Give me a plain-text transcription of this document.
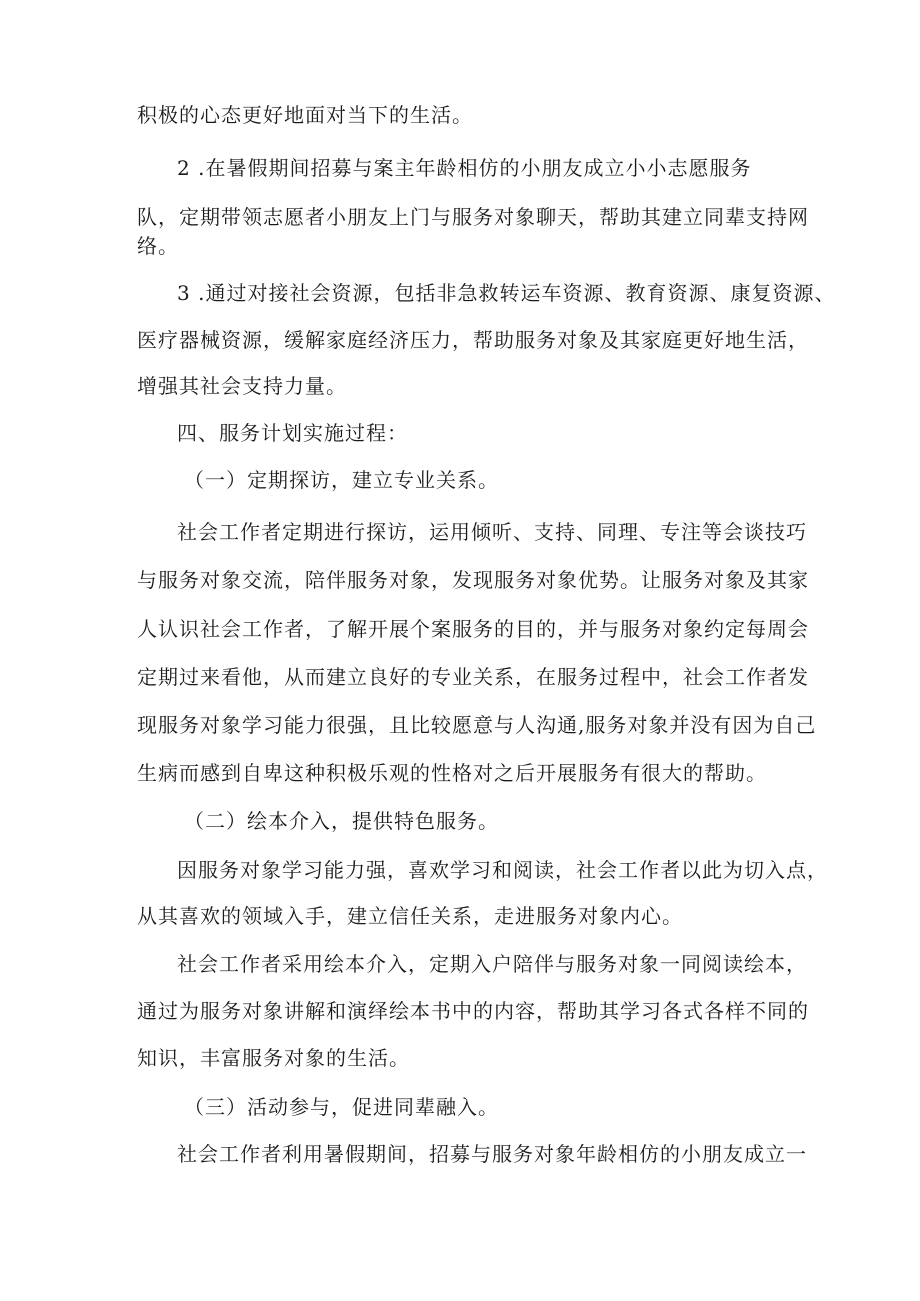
积极的心态更好地面对当下的生活。
2 .在暑假期间招募与案主年龄相仿的小朋友成立小小志愿服务
队，定期带领志愿者小朋友上门与服务对象聊天，帮助其建立同辈支持网
络。
3 .通过对接社会资源，包括非急救转运车资源、教育资源、康复资源、
医疗器械资源，缓解家庭经济压力，帮助服务对象及其家庭更好地生活，
增强其社会支持力量。
四、服务计划实施过程：
（一）定期探访，建立专业关系。
社会工作者定期进行探访，运用倾听、支持、同理、专注等会谈技巧
与服务对象交流，陪伴服务对象，发现服务对象优势。让服务对象及其家
人认识社会工作者，了解开展个案服务的目的，并与服务对象约定每周会
定期过来看他，从而建立良好的专业关系，在服务过程中，社会工作者发
现服务对象学习能力很强，且比较愿意与人沟通,服务对象并没有因为自己
生病而感到自卑这种积极乐观的性格对之后开展服务有很大的帮助。
（二）绘本介入，提供特色服务。
因服务对象学习能力强，喜欢学习和阅读，社会工作者以此为切入点，
从其喜欢的领域入手，建立信任关系，走进服务对象内心。
社会工作者采用绘本介入，定期入户陪伴与服务对象一同阅读绘本，
通过为服务对象讲解和演绎绘本书中的内容，帮助其学习各式各样不同的
知识，丰富服务对象的生活。
（三）活动参与，促进同辈融入。
社会工作者利用暑假期间，招募与服务对象年龄相仿的小朋友成立一
